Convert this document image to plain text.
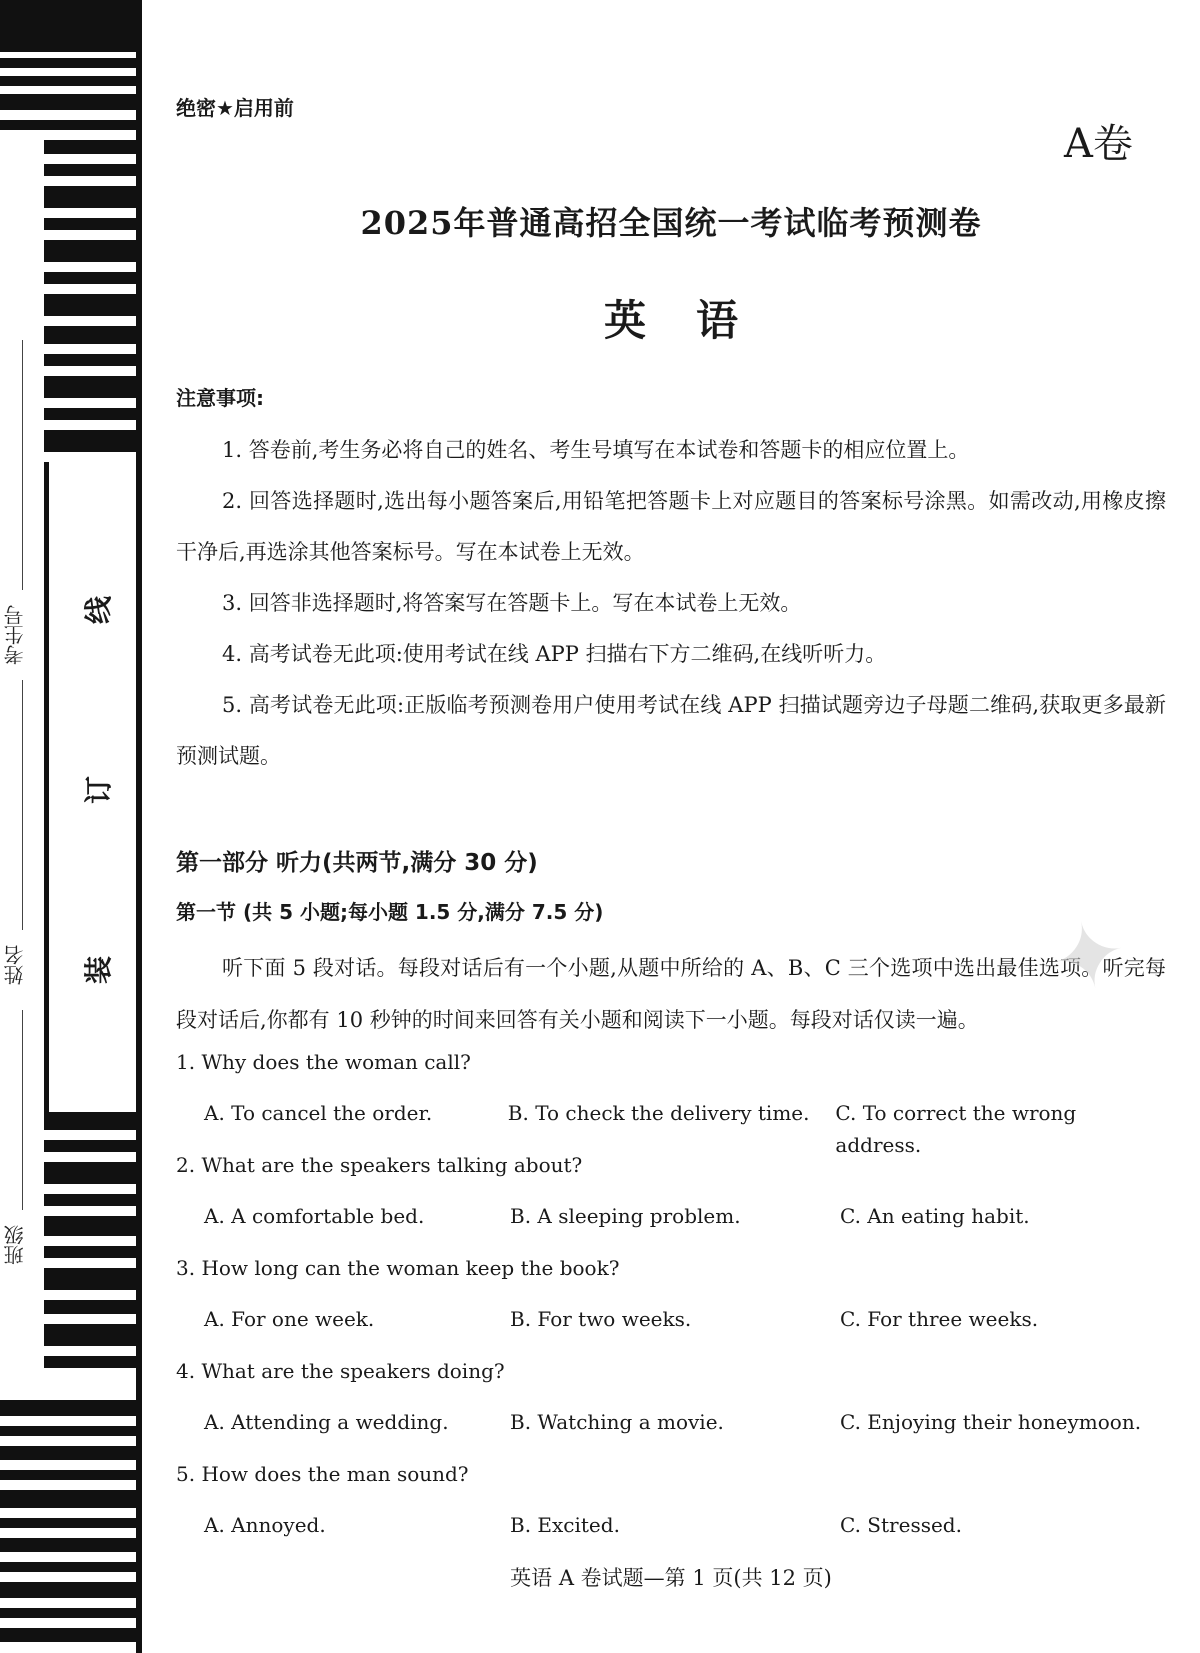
考生号
姓名
班级
线
订
装
绝密★启用前
A卷
2025年普通高招全国统一考试临考预测卷
英语
注意事项:
1. 答卷前,考生务必将自己的姓名、考生号填写在本试卷和答题卡的相应位置上。
2. 回答选择题时,选出每小题答案后,用铅笔把答题卡上对应题目的答案标号涂黑。如需改动,用橡皮擦干净后,再选涂其他答案标号。写在本试卷上无效。
3. 回答非选择题时,将答案写在答题卡上。写在本试卷上无效。
4. 高考试卷无此项:使用考试在线 APP 扫描右下方二维码,在线听听力。
5. 高考试卷无此项:正版临考预测卷用户使用考试在线 APP 扫描试题旁边子母题二维码,获取更多最新预测试题。
第一部分 听力(共两节,满分 30 分)
第一节 (共 5 小题;每小题 1.5 分,满分 7.5 分)

听下面 5 段对话。每段对话后有一个小题,从题中所给的 A、B、C 三个选项中选出最佳选项。听完每段对话后,你都有 10 秒钟的时间来回答有关小题和阅读下一小题。每段对话仅读一遍。

✦
1. Why does the woman call?
A. To cancel the order.	B. To check the delivery time.	C. To correct the wrong address.
2. What are the speakers talking about?
A. A comfortable bed.	B. A sleeping problem.	C. An eating habit.
3. How long can the woman keep the book?
A. For one week.	B. For two weeks.	C. For three weeks.
4. What are the speakers doing?
A. Attending a wedding.	B. Watching a movie.	C. Enjoying their honeymoon.
5. How does the man sound?
A. Annoyed.	B. Excited.	C. Stressed.
英语 A 卷试题—第 1 页(共 12 页)
